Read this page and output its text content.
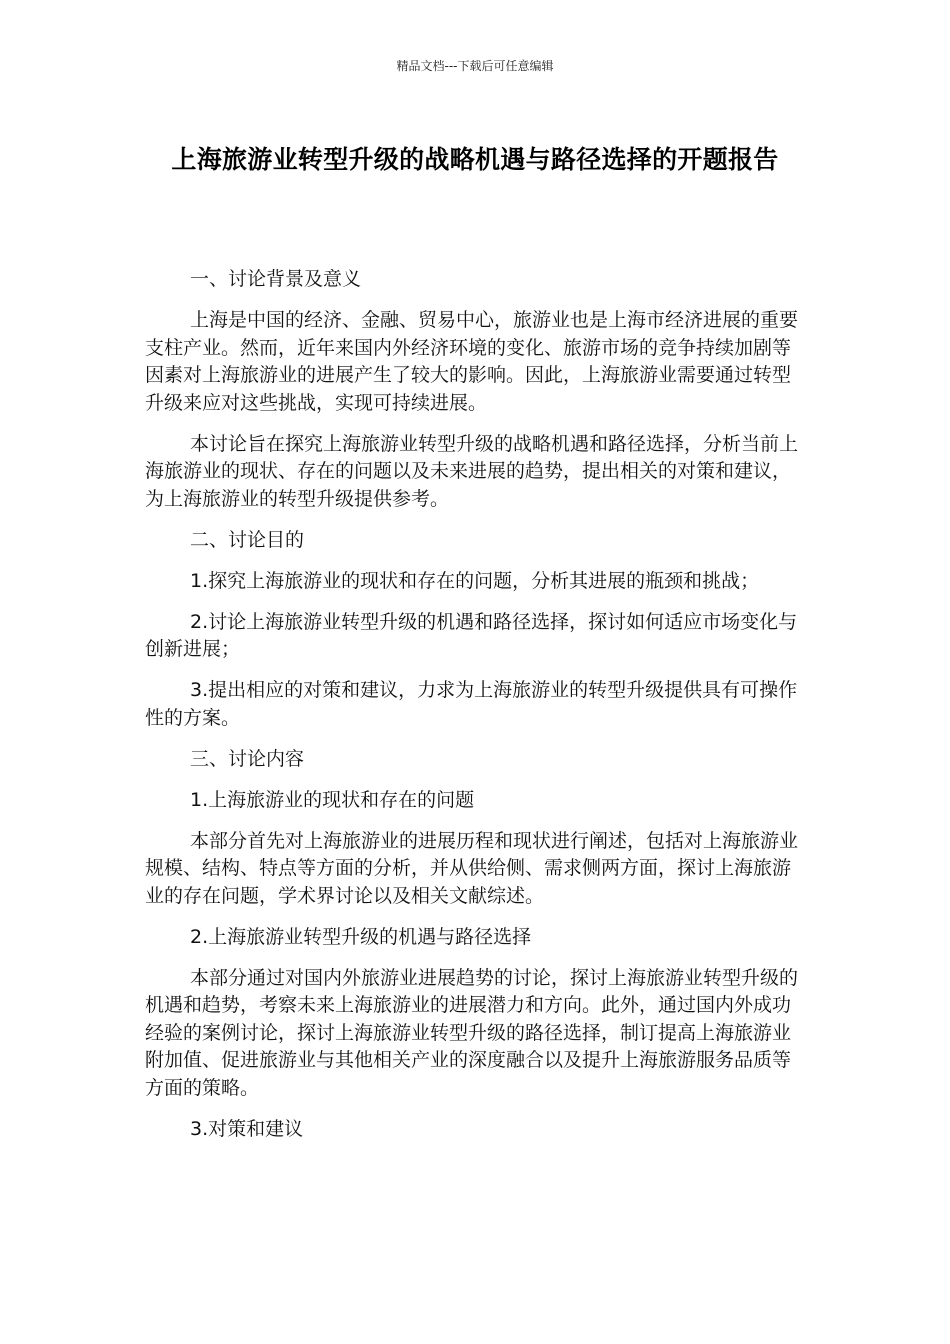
精品文档---下载后可任意编辑
上海旅游业转型升级的战略机遇与路径选择的开题报告

一、讨论背景及意义

上海是中国的经济、金融、贸易中心，旅游业也是上海市经济进展的重要支柱产业。然而，近年来国内外经济环境的变化、旅游市场的竞争持续加剧等因素对上海旅游业的进展产生了较大的影响。因此，上海旅游业需要通过转型升级来应对这些挑战，实现可持续进展。

本讨论旨在探究上海旅游业转型升级的战略机遇和路径选择，分析当前上海旅游业的现状、存在的问题以及未来进展的趋势，提出相关的对策和建议，为上海旅游业的转型升级提供参考。

二、讨论目的

1.探究上海旅游业的现状和存在的问题，分析其进展的瓶颈和挑战；

2.讨论上海旅游业转型升级的机遇和路径选择，探讨如何适应市场变化与创新进展；

3.提出相应的对策和建议，力求为上海旅游业的转型升级提供具有可操作性的方案。

三、讨论内容

1.上海旅游业的现状和存在的问题

本部分首先对上海旅游业的进展历程和现状进行阐述，包括对上海旅游业规模、结构、特点等方面的分析，并从供给侧、需求侧两方面，探讨上海旅游业的存在问题，学术界讨论以及相关文献综述。

2.上海旅游业转型升级的机遇与路径选择

本部分通过对国内外旅游业进展趋势的讨论，探讨上海旅游业转型升级的机遇和趋势，考察未来上海旅游业的进展潜力和方向。此外，通过国内外成功经验的案例讨论，探讨上海旅游业转型升级的路径选择，制订提高上海旅游业附加值、促进旅游业与其他相关产业的深度融合以及提升上海旅游服务品质等方面的策略。

3.对策和建议
